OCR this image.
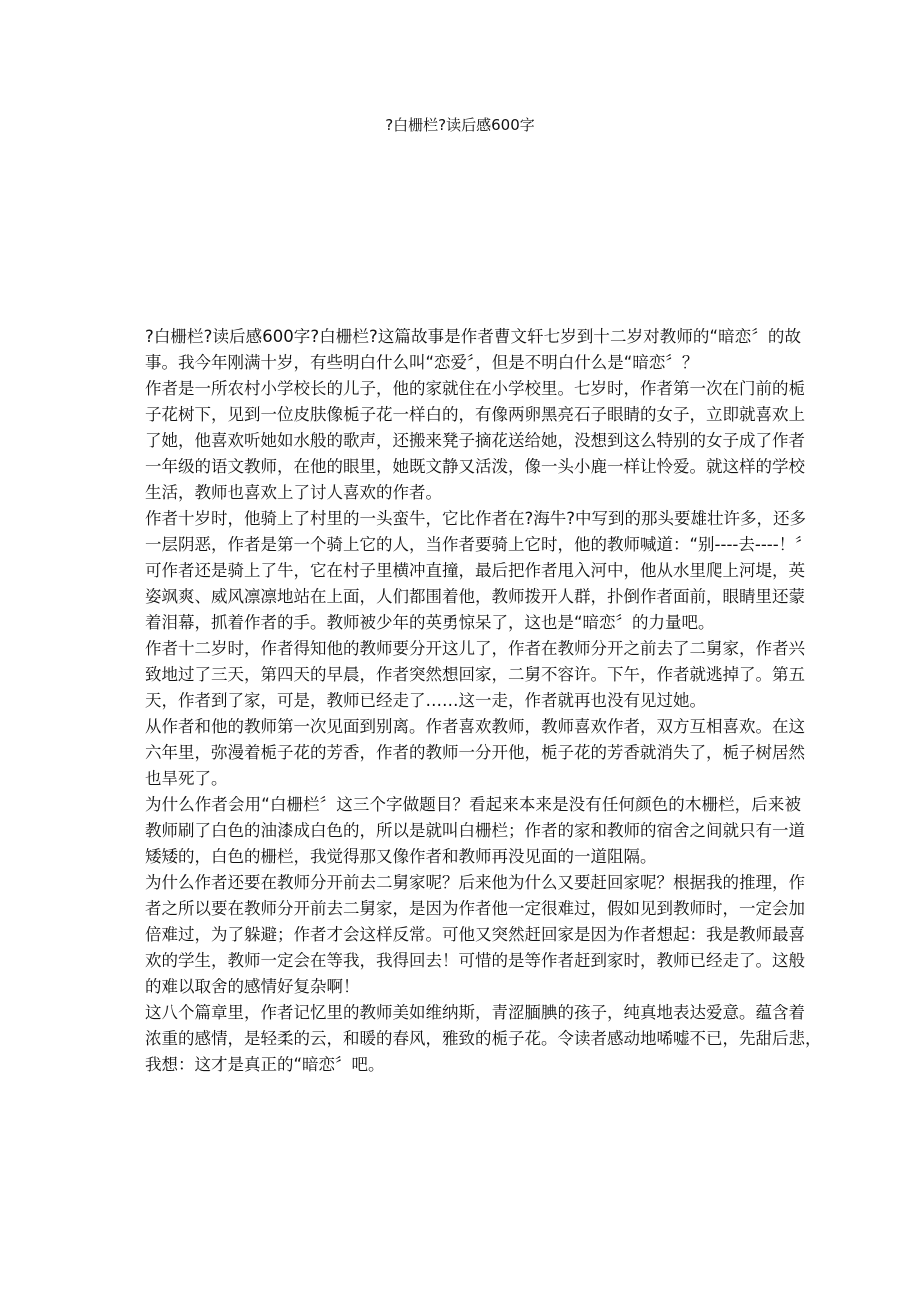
?白栅栏?读后感600字
?白栅栏?读后感600字?白栅栏?这篇故事是作者曹文轩七岁到十二岁对教师的“暗恋〞的故
事。我今年刚满十岁，有些明白什么叫“恋爱〞，但是不明白什么是“暗恋〞？
作者是一所农村小学校长的儿子，他的家就住在小学校里。七岁时，作者第一次在门前的栀
子花树下，见到一位皮肤像栀子花一样白的，有像两卵黑亮石子眼睛的女子，立即就喜欢上
了她，他喜欢听她如水般的歌声，还搬来凳子摘花送给她，没想到这么特别的女子成了作者
一年级的语文教师，在他的眼里，她既文静又活泼，像一头小鹿一样让怜爱。就这样的学校
生活，教师也喜欢上了讨人喜欢的作者。
作者十岁时，他骑上了村里的一头蛮牛，它比作者在?海牛?中写到的那头要雄壮许多，还多
一层阴恶，作者是第一个骑上它的人，当作者要骑上它时，他的教师喊道：“别----去----！〞
可作者还是骑上了牛，它在村子里横冲直撞，最后把作者甩入河中，他从水里爬上河堤，英
姿飒爽、威风凛凛地站在上面，人们都围着他，教师拨开人群，扑倒作者面前，眼睛里还蒙
着泪幕，抓着作者的手。教师被少年的英勇惊呆了，这也是“暗恋〞的力量吧。
作者十二岁时，作者得知他的教师要分开这儿了，作者在教师分开之前去了二舅家，作者兴
致地过了三天，第四天的早晨，作者突然想回家，二舅不容许。下午，作者就逃掉了。第五
天，作者到了家，可是，教师已经走了……这一走，作者就再也没有见过她。
从作者和他的教师第一次见面到别离。作者喜欢教师，教师喜欢作者，双方互相喜欢。在这
六年里，弥漫着栀子花的芳香，作者的教师一分开他，栀子花的芳香就消失了，栀子树居然
也旱死了。
为什么作者会用“白栅栏〞这三个字做题目？看起来本来是没有任何颜色的木栅栏，后来被
教师刷了白色的油漆成白色的，所以是就叫白栅栏；作者的家和教师的宿舍之间就只有一道
矮矮的，白色的栅栏，我觉得那又像作者和教师再没见面的一道阻隔。
为什么作者还要在教师分开前去二舅家呢？后来他为什么又要赶回家呢？根据我的推理，作
者之所以要在教师分开前去二舅家，是因为作者他一定很难过，假如见到教师时，一定会加
倍难过，为了躲避；作者才会这样反常。可他又突然赶回家是因为作者想起：我是教师最喜
欢的学生，教师一定会在等我，我得回去！可惜的是等作者赶到家时，教师已经走了。这般
的难以取舍的感情好复杂啊！
这八个篇章里，作者记忆里的教师美如维纳斯，青涩腼腆的孩子，纯真地表达爱意。蕴含着
浓重的感情，是轻柔的云，和暖的春风，雅致的栀子花。令读者感动地唏嘘不已，先甜后悲，
我想：这才是真正的“暗恋〞吧。
